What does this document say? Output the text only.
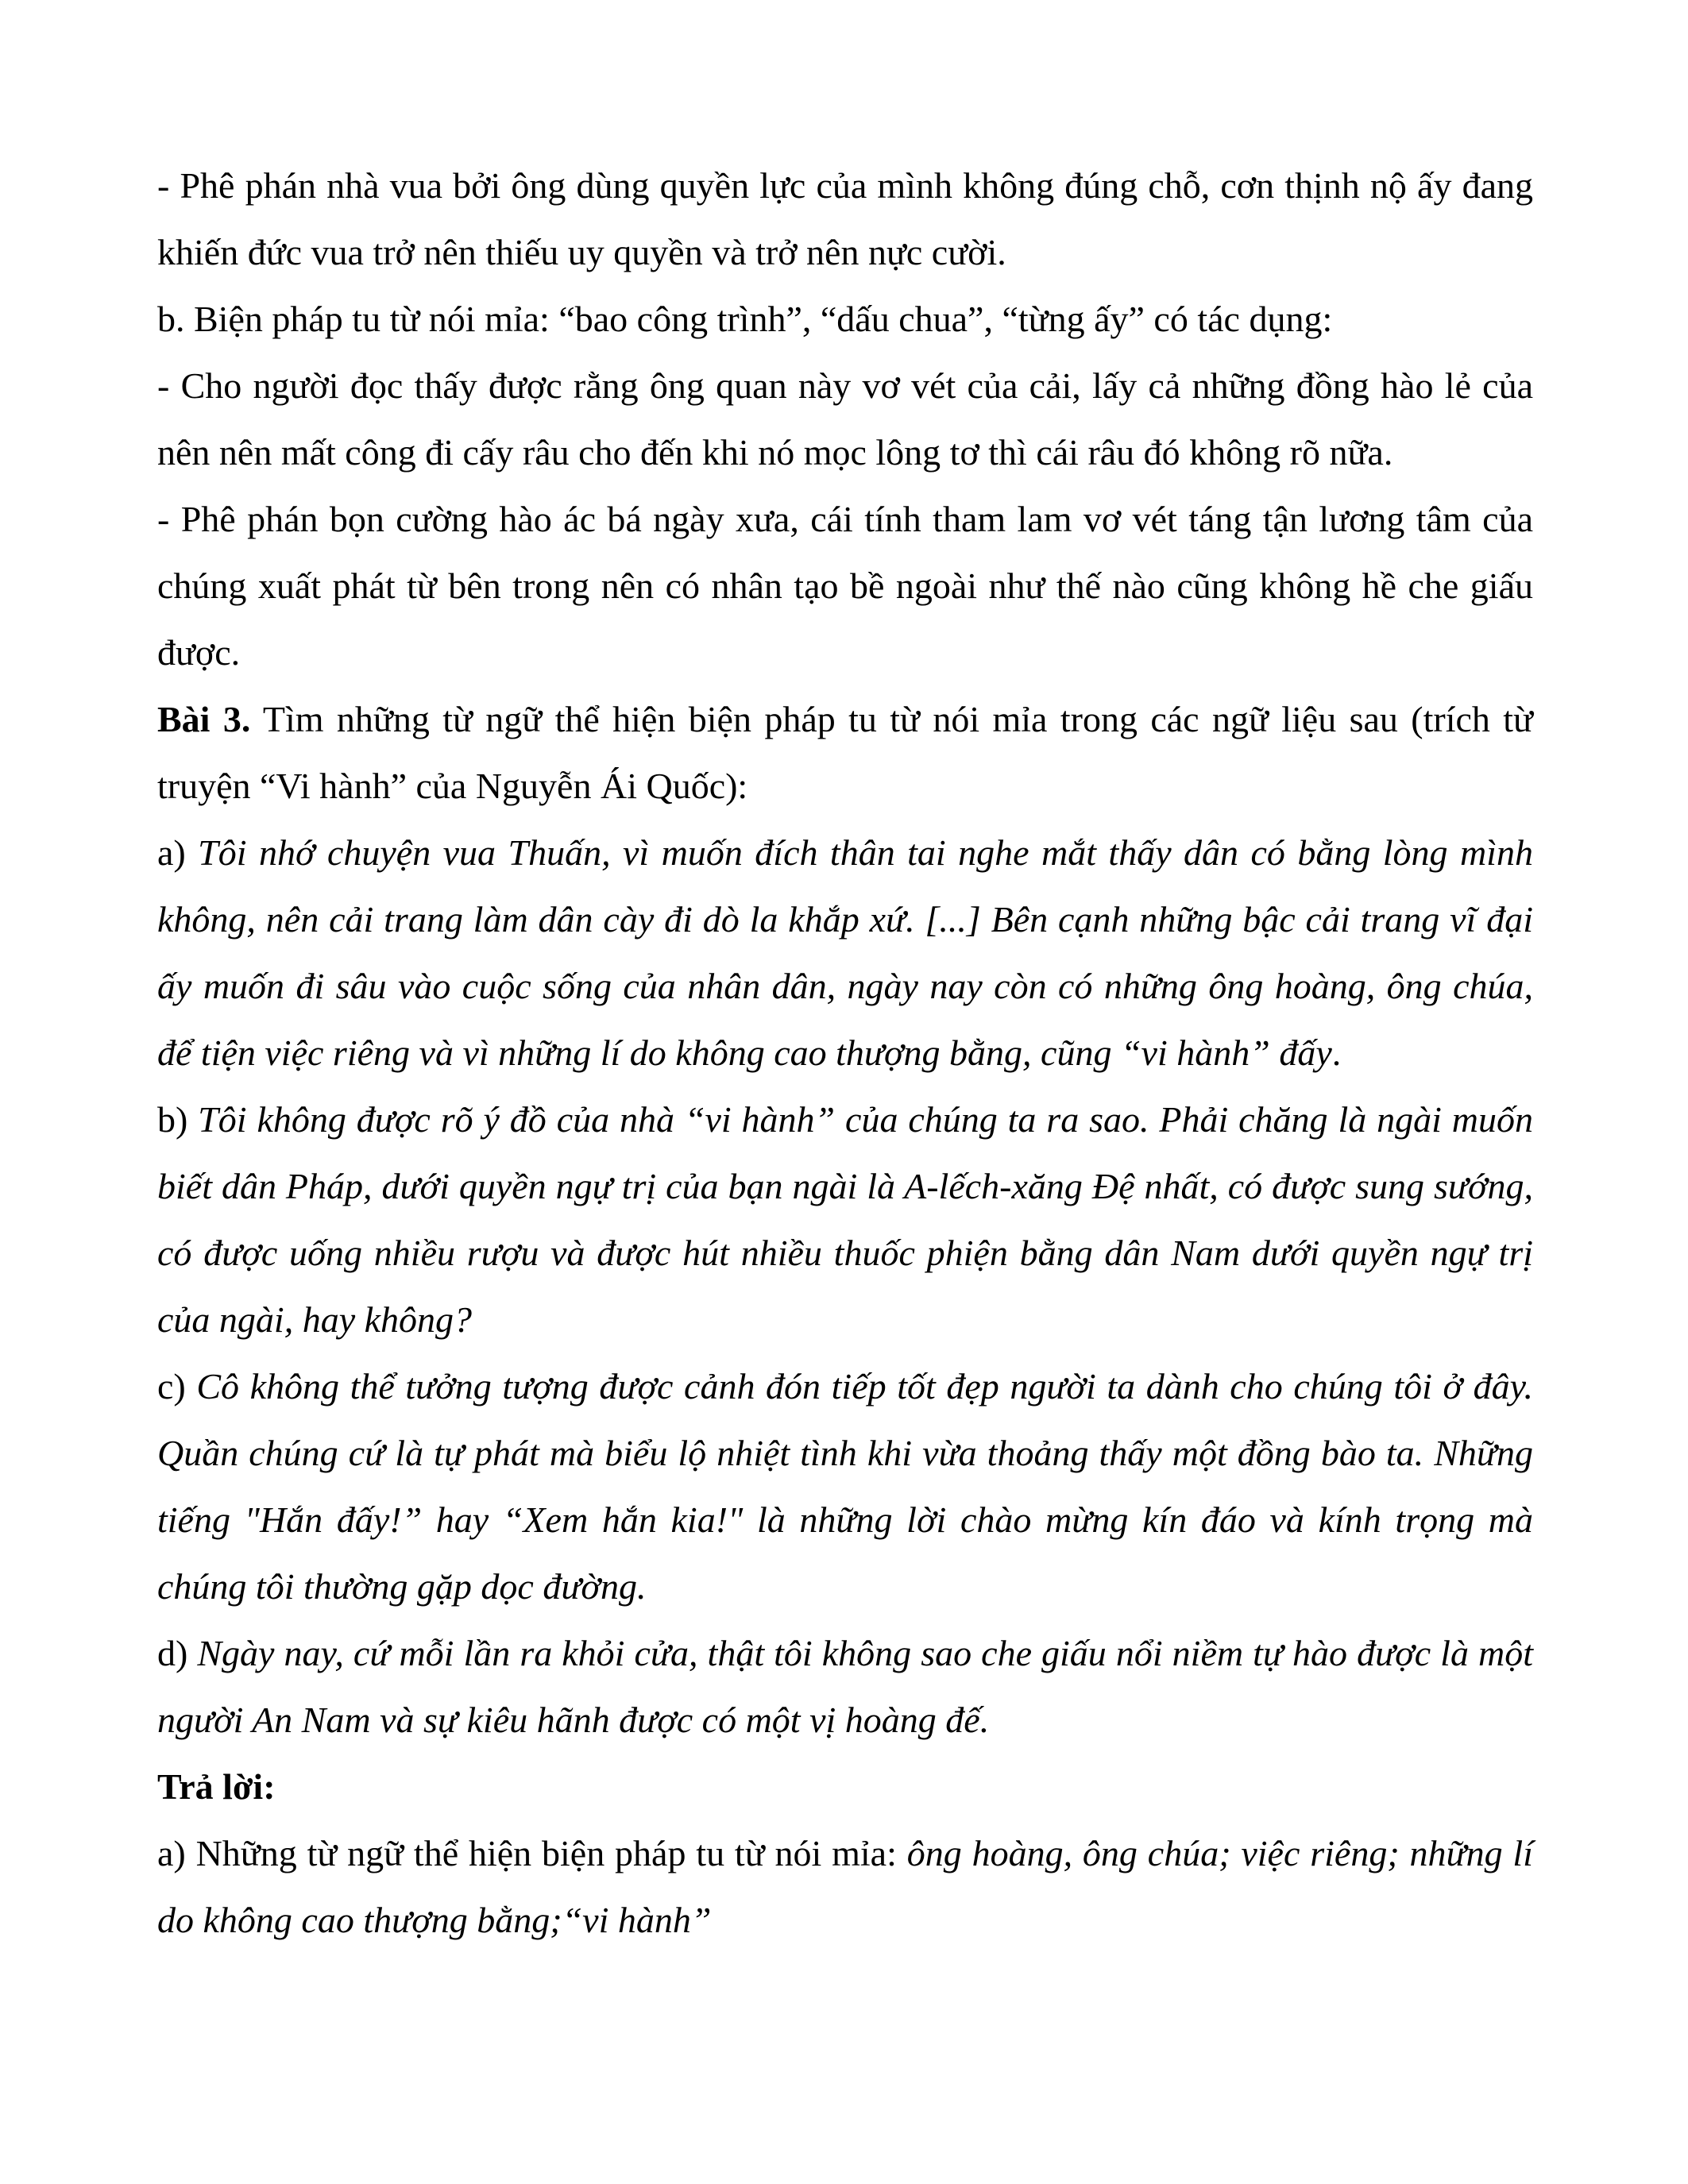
- Phê phán nhà vua bởi ông dùng quyền lực của mình không đúng chỗ, cơn thịnh nộ ấy đang khiến đức vua trở nên thiếu uy quyền và trở nên nực cười.

b. Biện pháp tu từ nói mỉa: “bao công trình”, “dấu chua”, “từng ấy” có tác dụng:

- Cho người đọc thấy được rằng ông quan này vơ vét của cải, lấy cả những đồng hào lẻ của nên nên mất công đi cấy râu cho đến khi nó mọc lông tơ thì cái râu đó không rõ nữa.

- Phê phán bọn cường hào ác bá ngày xưa, cái tính tham lam vơ vét táng tận lương tâm của chúng xuất phát từ bên trong nên có nhân tạo bề ngoài như thế nào cũng không hề che giấu được.

Bài 3. Tìm những từ ngữ thể hiện biện pháp tu từ nói mỉa trong các ngữ liệu sau (trích từ truyện “Vi hành” của Nguyễn Ái Quốc):

a) Tôi nhớ chuyện vua Thuấn, vì muốn đích thân tai nghe mắt thấy dân có bằng lòng mình không, nên cải trang làm dân cày đi dò la khắp xứ. [...] Bên cạnh những bậc cải trang vĩ đại ấy muốn đi sâu vào cuộc sống của nhân dân, ngày nay còn có những ông hoàng, ông chúa, để tiện việc riêng và vì những lí do không cao thượng bằng, cũng “vi hành” đấy.

b) Tôi không được rõ ý đồ của nhà “vi hành” của chúng ta ra sao. Phải chăng là ngài muốn biết dân Pháp, dưới quyền ngự trị của bạn ngài là A-lếch-xăng Đệ nhất, có được sung sướng, có được uống nhiều rượu và được hút nhiều thuốc phiện bằng dân Nam dưới quyền ngự trị của ngài, hay không?

c) Cô không thể tưởng tượng được cảnh đón tiếp tốt đẹp người ta dành cho chúng tôi ở đây. Quần chúng cứ là tự phát mà biểu lộ nhiệt tình khi vừa thoảng thấy một đồng bào ta. Những tiếng "Hắn đấy!” hay “Xem hắn kia!" là những lời chào mừng kín đáo và kính trọng mà chúng tôi thường gặp dọc đường.

d) Ngày nay, cứ mỗi lần ra khỏi cửa, thật tôi không sao che giấu nổi niềm tự hào được là một người An Nam và sự kiêu hãnh được có một vị hoàng đế.

Trả lời:

a) Những từ ngữ thể hiện biện pháp tu từ nói mỉa: ông hoàng, ông chúa; việc riêng; những lí do không cao thượng bằng;“vi hành”
